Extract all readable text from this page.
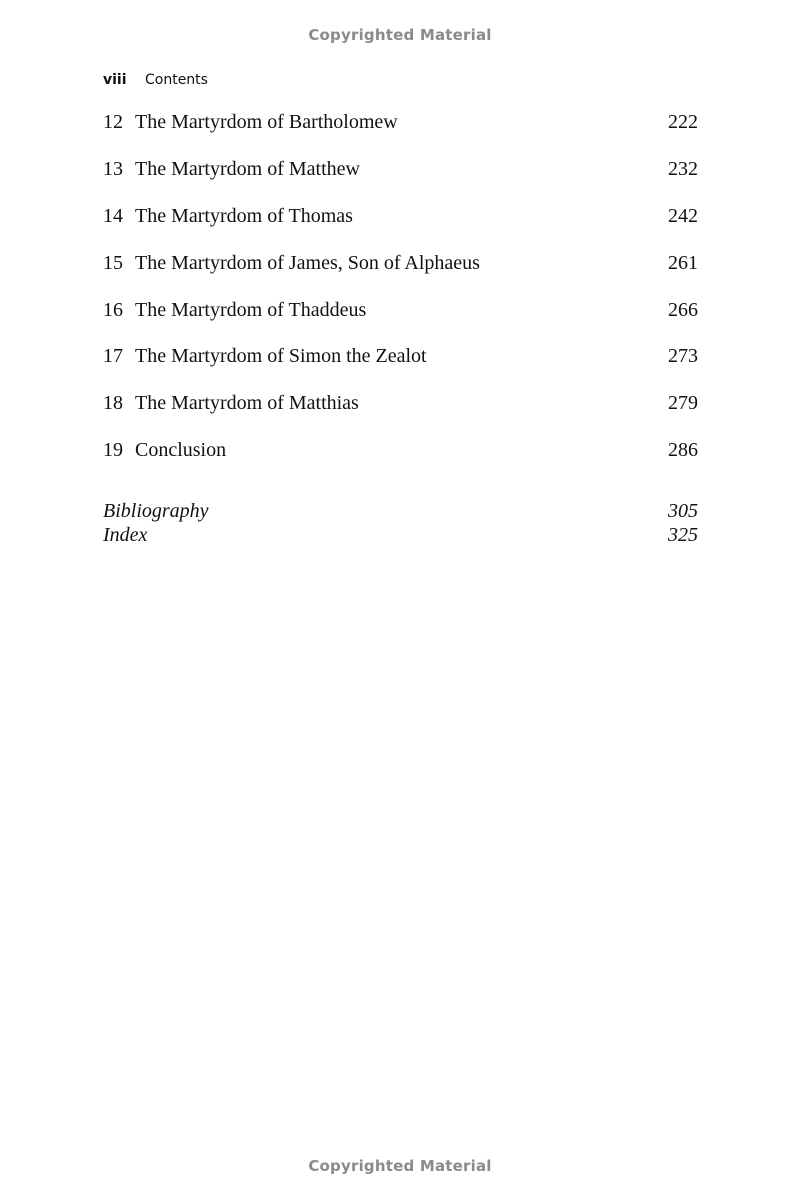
Copyrighted Material
viii Contents
12 The Martyrdom of Bartholomew	222
13 The Martyrdom of Matthew	232
14 The Martyrdom of Thomas	242
15 The Martyrdom of James, Son of Alphaeus	261
16 The Martyrdom of Thaddeus	266
17 The Martyrdom of Simon the Zealot	273
18 The Martyrdom of Matthias	279
19 Conclusion	286
Bibliography	305
Index	325
Copyrighted Material
